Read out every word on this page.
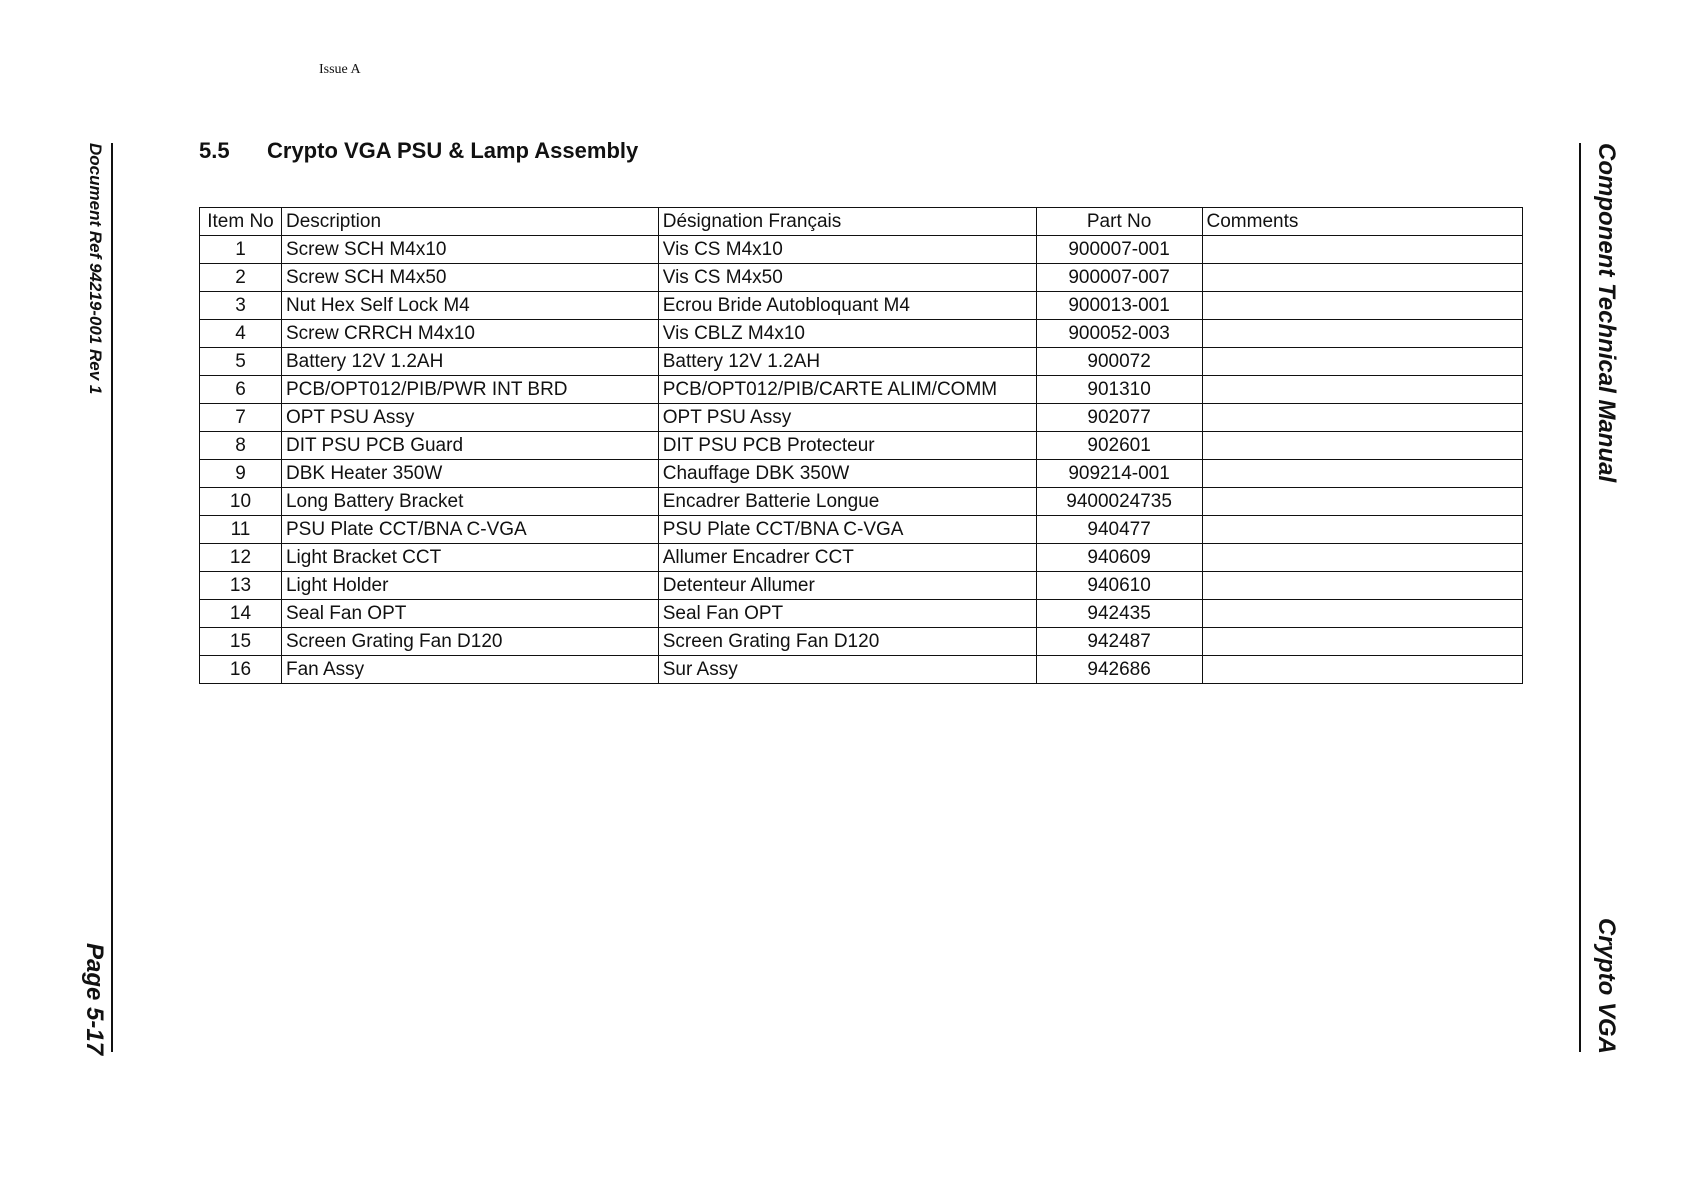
Issue A
Document Ref 94219-001 Rev 1
Page 5-17
Component Technical Manual
Crypto VGA
5.5	Crypto VGA PSU & Lamp Assembly
Item No	Description	Désignation Français	Part No	Comments
1	Screw SCH M4x10	Vis CS M4x10	900007-001	
2	Screw SCH M4x50	Vis CS M4x50	900007-007	
3	Nut Hex Self Lock M4	Ecrou Bride Autobloquant M4	900013-001	
4	Screw CRRCH M4x10	Vis CBLZ M4x10	900052-003	
5	Battery 12V 1.2AH	Battery 12V 1.2AH	900072	
6	PCB/OPT012/PIB/PWR INT BRD	PCB/OPT012/PIB/CARTE ALIM/COMM	901310	
7	OPT PSU Assy	OPT PSU Assy	902077	
8	DIT PSU PCB Guard	DIT PSU PCB Protecteur	902601	
9	DBK Heater 350W	Chauffage DBK 350W	909214-001	
10	Long Battery Bracket	Encadrer Batterie Longue	9400024735	
11	PSU Plate CCT/BNA C-VGA	PSU Plate CCT/BNA C-VGA	940477	
12	Light Bracket CCT	Allumer Encadrer CCT	940609	
13	Light Holder	Detenteur Allumer	940610	
14	Seal Fan OPT	Seal Fan OPT	942435	
15	Screen Grating Fan D120	Screen Grating Fan D120	942487	
16	Fan Assy	Sur Assy	942686	
